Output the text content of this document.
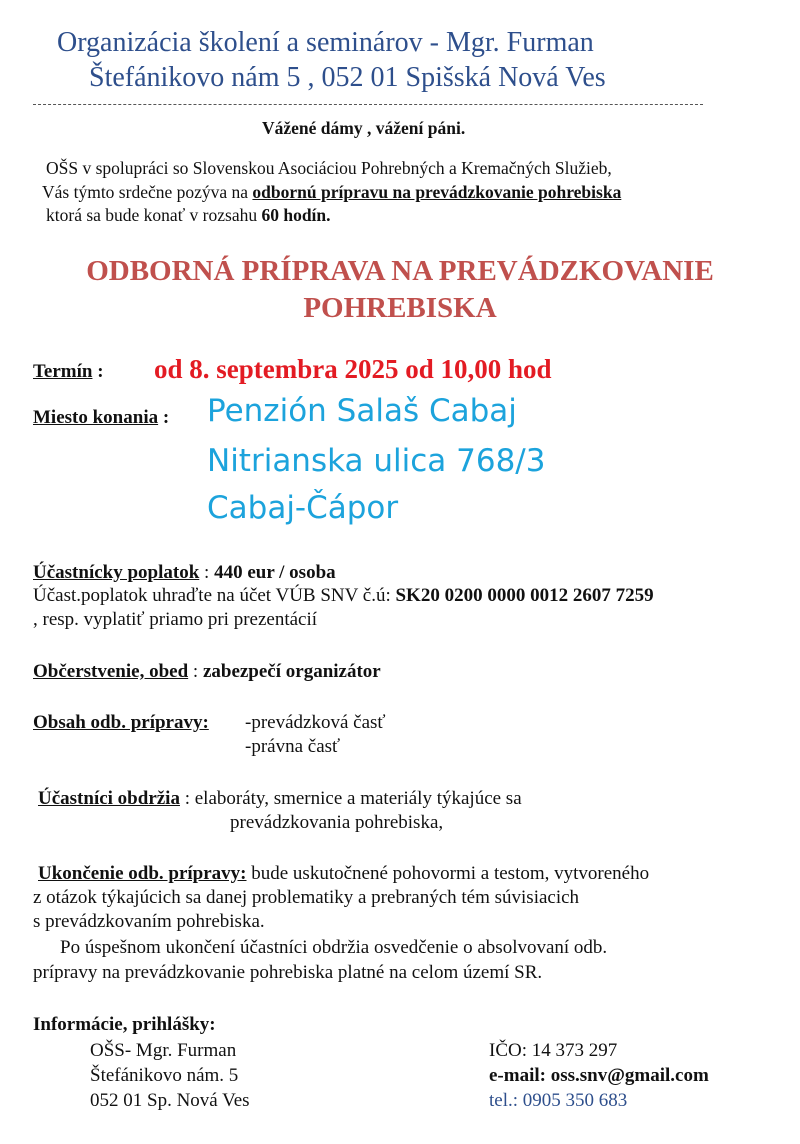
Organizácia školení a seminárov - Mgr. Furman
Štefánikovo nám 5 , 052 01 Spišská Nová Ves
Vážené dámy , vážení páni.
OŠS v spolupráci so Slovenskou Asociáciou Pohrebných a Kremačných Služieb,
Vás týmto srdečne pozýva na odbornú prípravu na prevádzkovanie pohrebiska
ktorá sa bude konať v rozsahu 60 hodín.
ODBORNÁ PRÍPRAVA NA PREVÁDZKOVANIE
POHREBISKA
Termín : od 8. septembra 2025 od 10,00 hod
Miesto konania : Penzión Salaš Cabaj
Nitrianska ulica 768/3
Cabaj-Čápor
Účastnícky poplatok : 440 eur / osoba
Účast.poplatok uhraďte na účet VÚB SNV č.ú: SK20 0200 0000 0012 2607 7259
, resp. vyplatiť priamo pri prezentácií
Občerstvenie, obed : zabezpečí organizátor
Obsah odb. prípravy: -prevádzková časť
-právna časť
Účastníci obdržia : elaboráty, smernice a materiály týkajúce sa
prevádzkovania pohrebiska,
Ukončenie odb. prípravy: bude uskutočnené pohovormi a testom, vytvoreného
z otázok týkajúcich sa danej problematiky a prebraných tém súvisiacich
s prevádzkovaním pohrebiska.
Po úspešnom ukončení účastníci obdržia osvedčenie o absolvovaní odb.
prípravy na prevádzkovanie pohrebiska platné na celom území SR.
Informácie, prihlášky:
OŠS- Mgr. Furman
Štefánikovo nám. 5
052 01 Sp. Nová Ves
IČO: 14 373 297
e-mail: oss.snv@gmail.com
tel.: 0905 350 683
